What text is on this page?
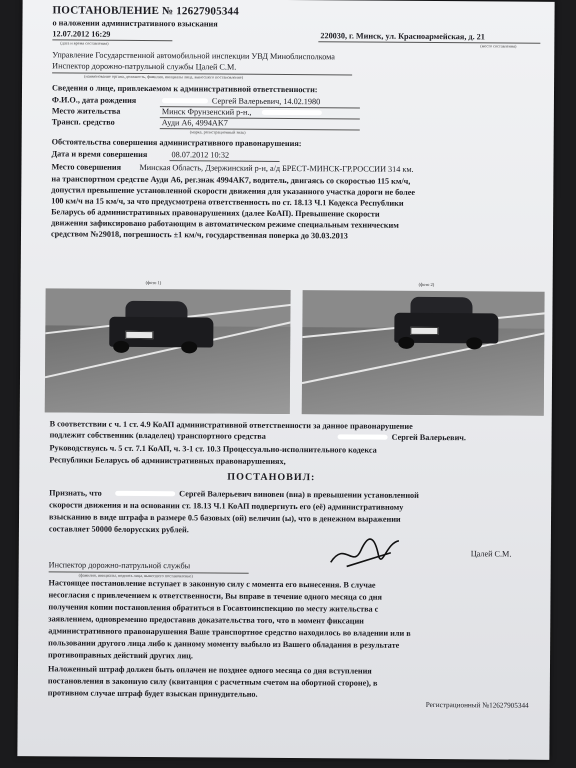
ПОСТАНОВЛЕНИЕ № 12627905344
о наложении административного взыскания
12.07.2012 16:29
(дата и время составления)
220030, г. Минск, ул. Красноармейская, д. 21
(место составления)
Управление Государственной автомобильной инспекции УВД Миноблисполкома
Инспектор дорожно-патрульной службы Цалей С.М.
(наименование органа, должность, фамилия, инициалы лица, вынесшего постановление)
Сведения о лице, привлекаемом к административной ответственности:
Ф.И.О., дата рождения	Сергей Валерьевич, 14.02.1980
Место жительства	Минск Фрунзенский р-н.,
Трансп. средство	Ауди А6, 4994AK7
(марка, регистрационный знак)
Обстоятельства совершения административного правонарушения:
Дата и время совершения	08.07.2012 10:32
Место совершения Минская Область, Дзержинский р-н, а/д БРЕСТ-МИНСК-ГР.РОССИИ 314 км.
на транспортном средстве Ауди А6, рег.знак 4994АК7, водитель, двигаясь со скоростью 115 км/ч,
допустил превышение установленной скорости движения для указанного участка дороги не более
100 км/ч на 15 км/ч, за что предусмотрена ответственность по ст. 18.13 Ч.1 Кодекса Республики
Беларусь об административных правонарушениях (далее КоАП). Превышение скорости
движения зафиксировано работающим в автоматическом режиме специальным техническим
средством №29018, погрешность ±1 км/ч, государственная поверка до 30.03.2013
(фото 1)	(фото 2)
В соответствии с ч. 1 ст. 4.9 КоАП административной ответственности за данное правонарушение
подлежит собственник (владелец) транспортного средства	Сергей Валерьевич.
Руководствуясь ч. 5 ст. 7.1 КоАП, ч. 3-1 ст. 10.3 Процессуально-исполнительного кодекса
Республики Беларусь об административных правонарушениях,
ПОСТАНОВИЛ:
Признать, что	Сергей Валерьевич виновен (вна) в превышении установленной
скорости движения и на основании ст. 18.13 Ч.1 КоАП подвергнуть его (её) административному
взысканию в виде штрафа в размере 0.5 базовых (ой) величин (ы), что в денежном выражении
составляет 50000 белорусских рублей.
Цалей С.М.
Инспектор дорожно-патрульной службы
(фамилия, инициалы, подпись лица, вынесшего постановление)
Настоящее постановление вступает в законную силу с момента его вынесения. В случае
несогласия с привлечением к ответственности, Вы вправе в течение одного месяца со дня
получения копии постановления обратиться в Госавтоинспекцию по месту жительства с
заявлением, одновременно предоставив доказательства того, что в момент фиксации
административного правонарушения Ваше транспортное средство находилось во владении или в
пользовании другого лица либо к данному моменту выбыло из Вашего обладания в результате
противоправных действий других лиц.
Наложенный штраф должен быть оплачен не позднее одного месяца со дня вступления
постановления в законную силу (квитанция с расчетным счетом на обортной стороне), в
противном случае штраф будет взыскан принудительно.
Регистрационный №12627905344
